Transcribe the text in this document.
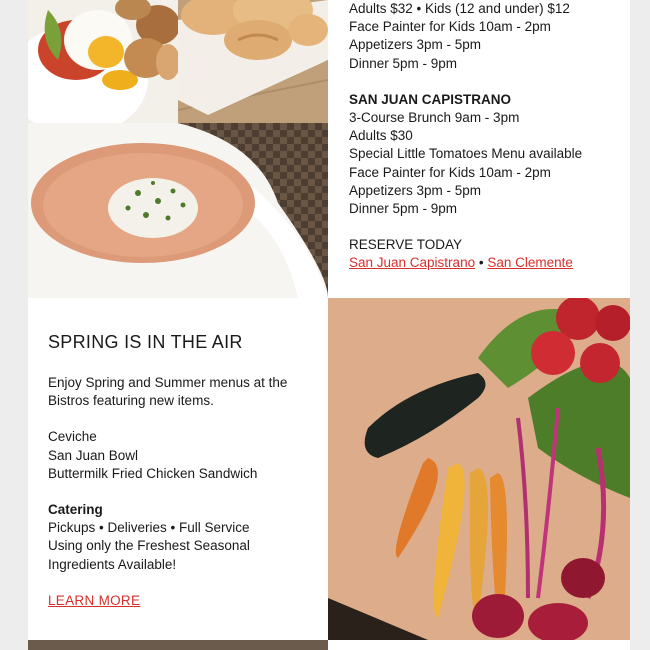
Adults $32 • Kids (12 and under) $12
Face Painter for Kids 10am - 2pm
Appetizers 3pm - 5pm
Dinner 5pm - 9pm
SAN JUAN CAPISTRANO
3-Course Brunch 9am - 3pm
Adults $30
Special Little Tomatoes Menu available
Face Painter for Kids 10am - 2pm
Appetizers 3pm - 5pm
Dinner 5pm - 9pm
RESERVE TODAY
San Juan Capistrano • San Clemente
SPRING IS IN THE AIR
Enjoy Spring and Summer menus at the
Bistros featuring new items.
Ceviche
San Juan Bowl
Buttermilk Fried Chicken Sandwich
Catering
Pickups • Deliveries • Full Service
Using only the Freshest Seasonal
Ingredients Available!
LEARN MORE
